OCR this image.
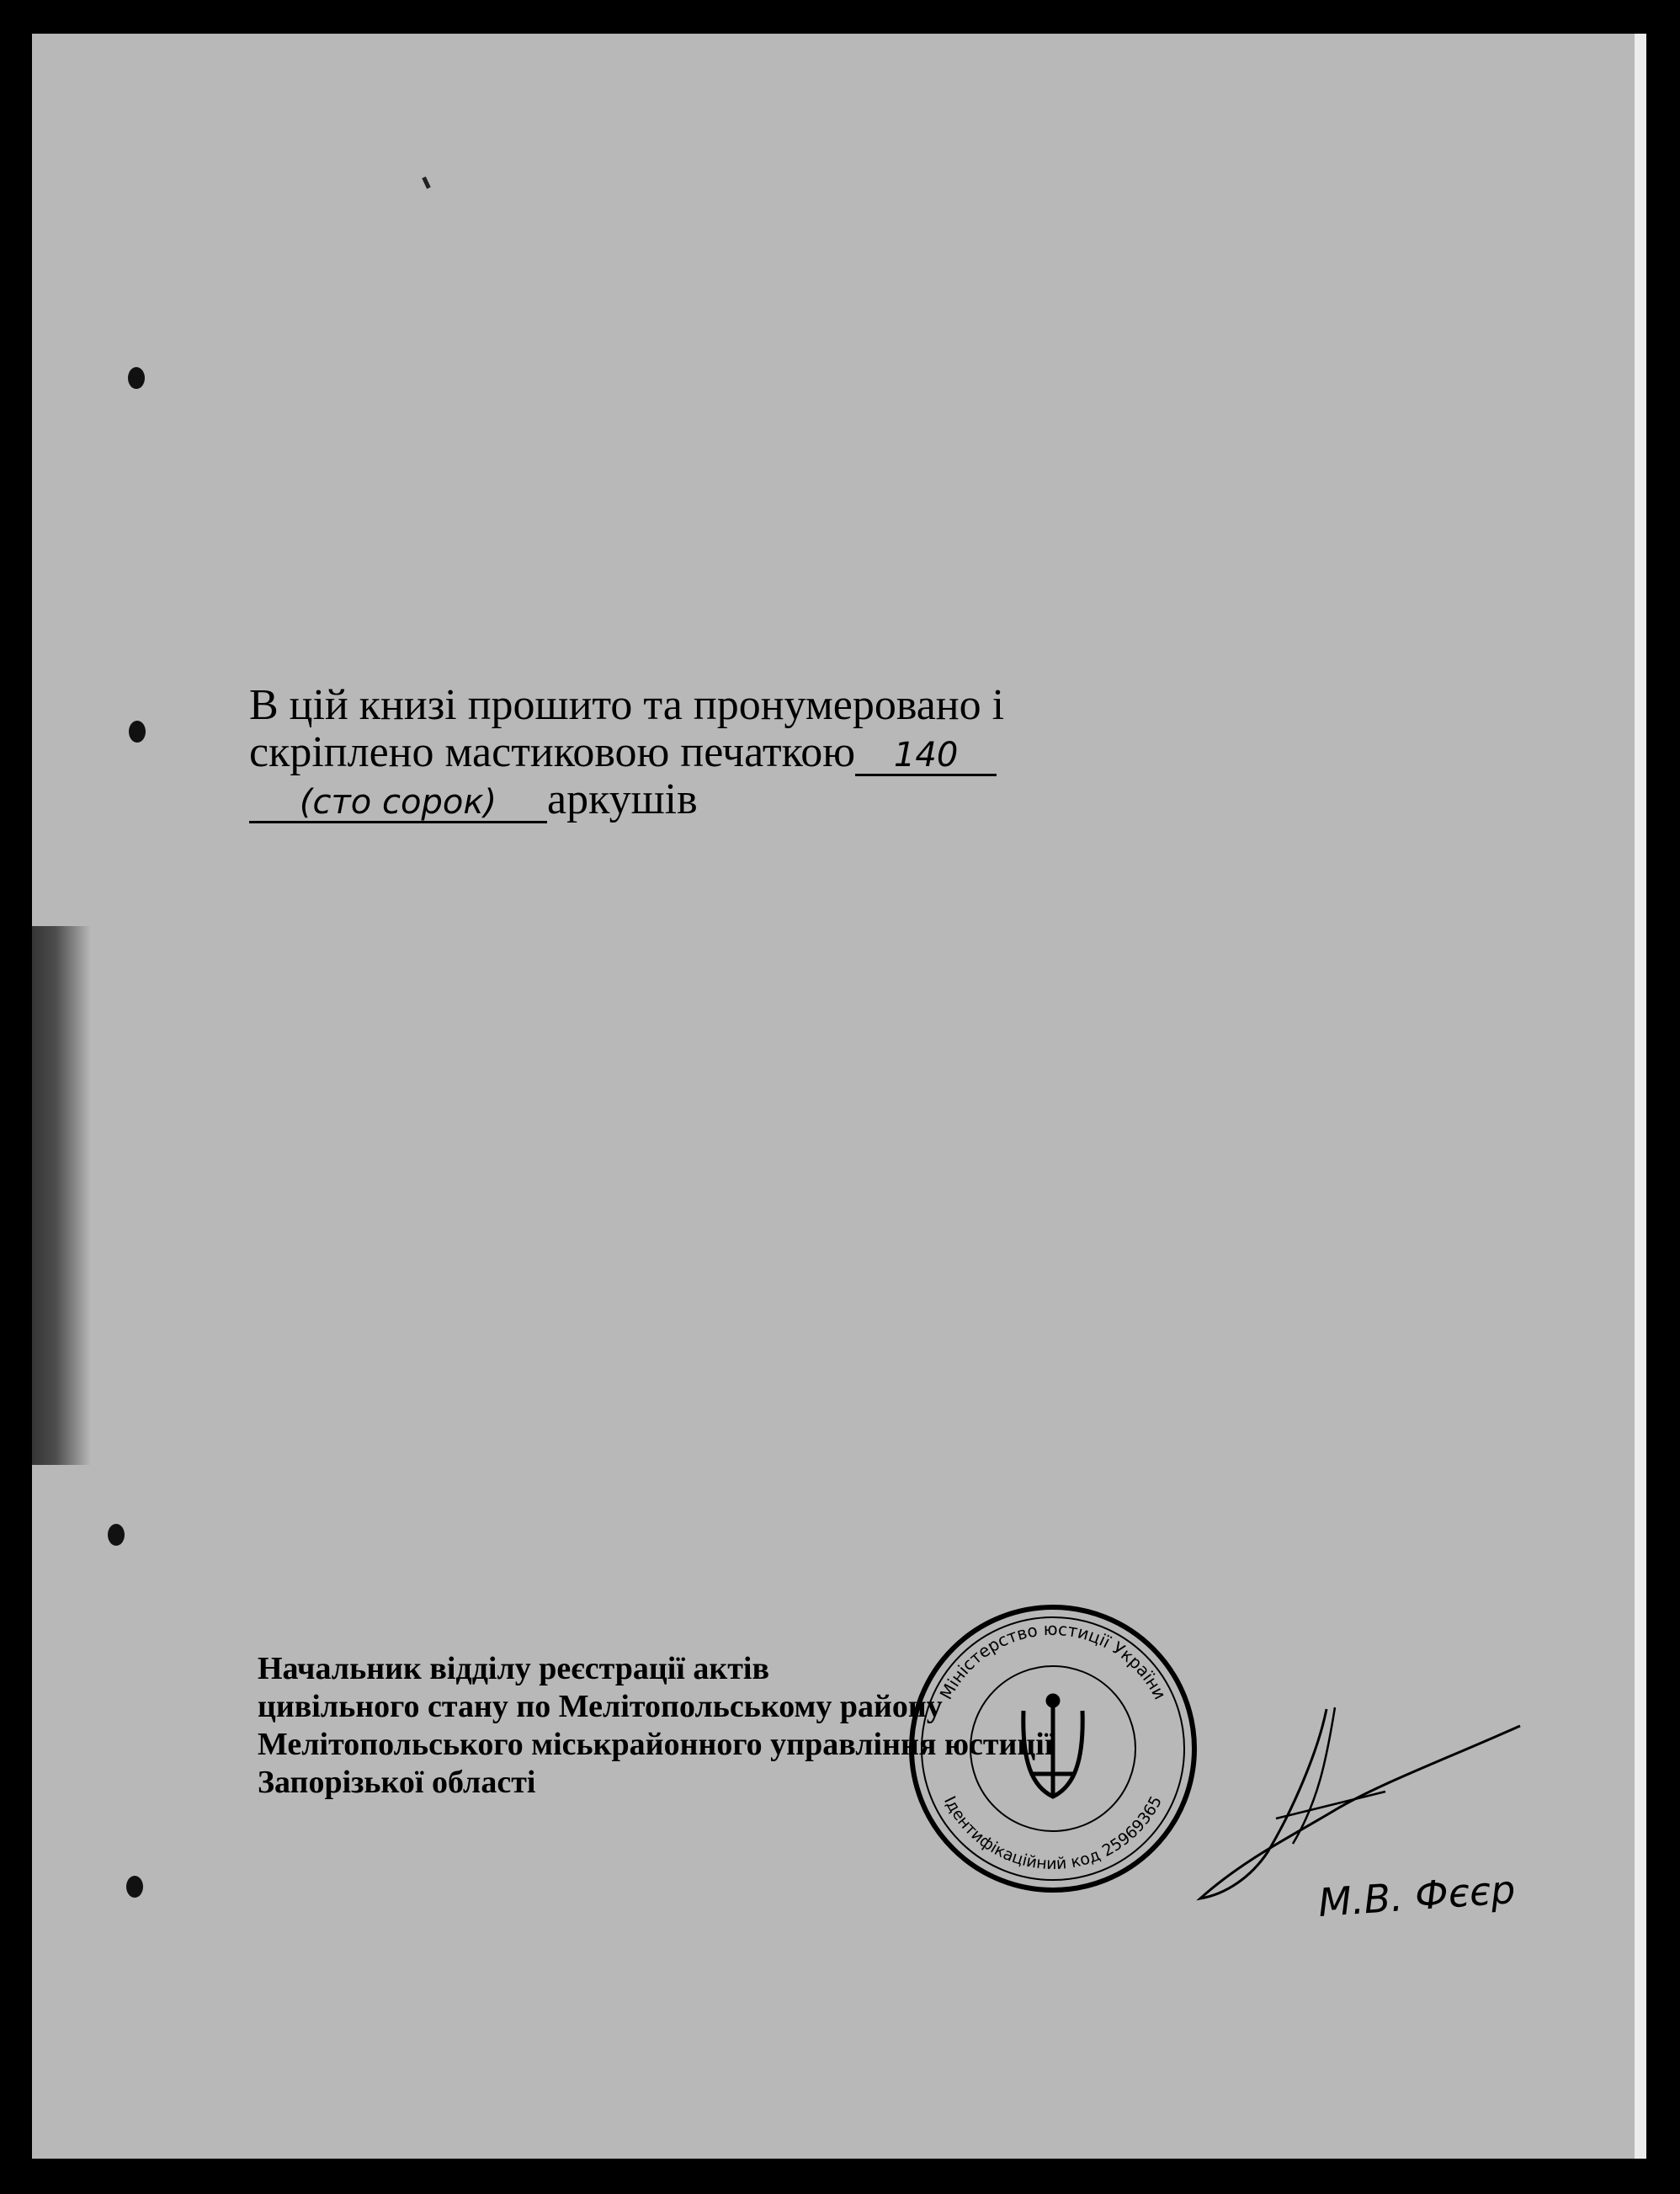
В цій книзі прошито та пронумеровано і
скріплено мастиковою печаткою 140
(сто сорок) аркушів
Начальник відділу реєстрації актів
цивільного стану по Мелітопольському району
Мелітопольського міськрайонного управління юстиції
Запорізької області
Міністерство юстиції України
Ідентифікаційний код 25969365
М.В. Фєєр
